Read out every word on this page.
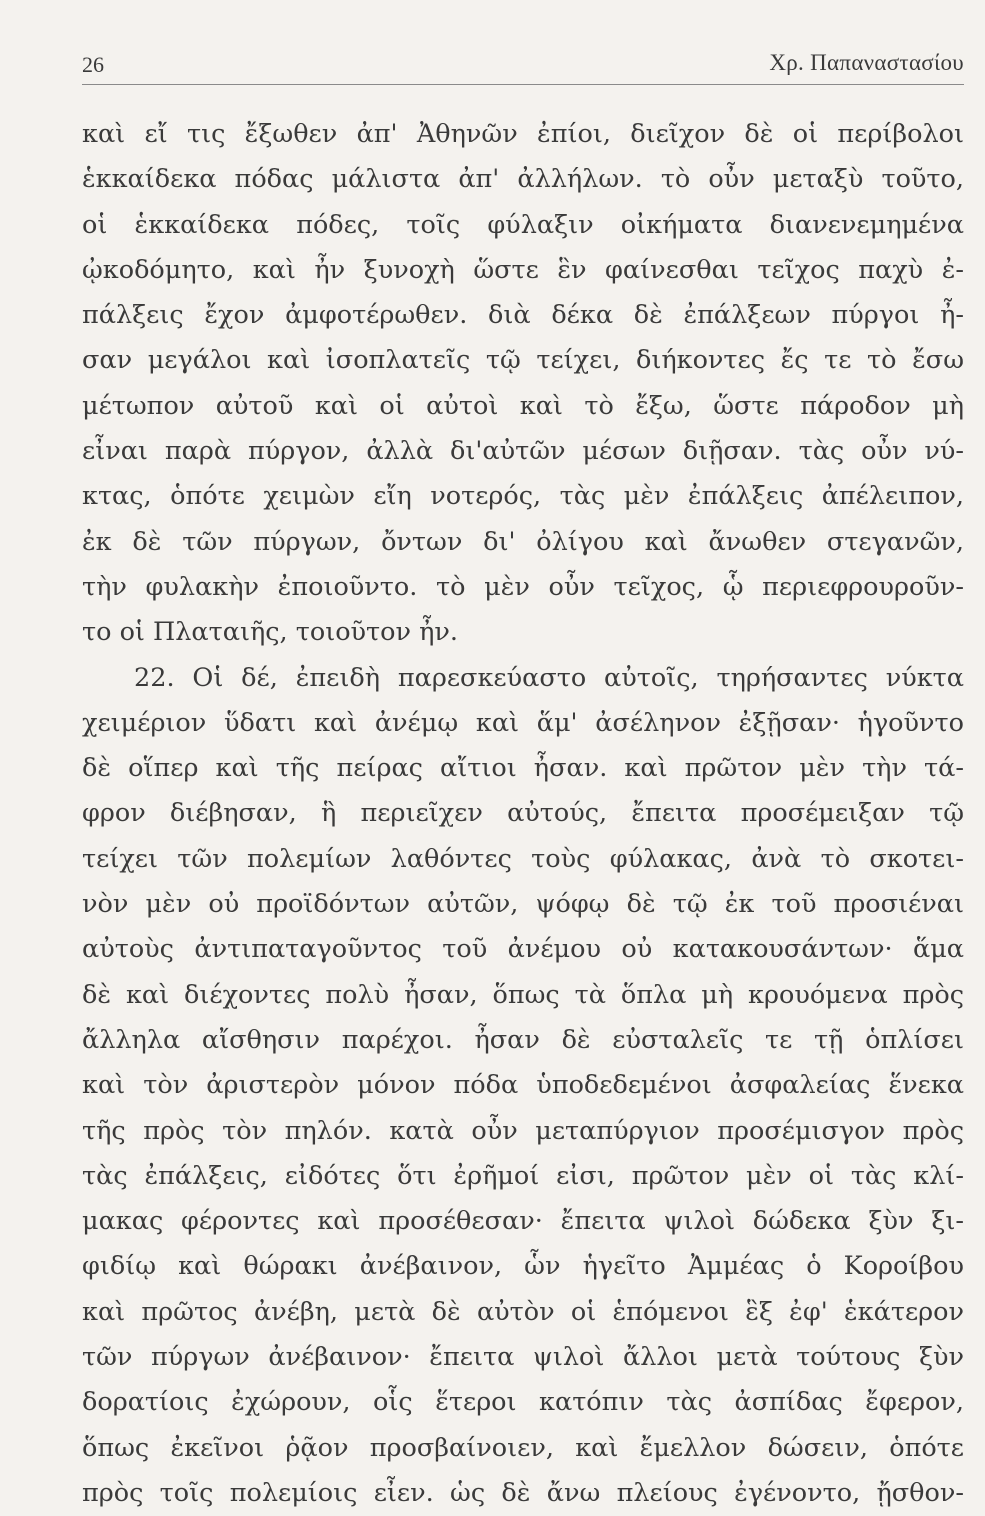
26	Χρ. Παπαναστασίου
καὶ εἴ τις ἔξωθεν ἀπ' Ἀθηνῶν ἐπίοι, διεῖχον δὲ οἱ περίβολοι
ἑκκαίδεκα πόδας μάλιστα ἀπ' ἀλλήλων. τὸ οὖν μεταξὺ τοῦτο,
οἱ ἑκκαίδεκα πόδες, τοῖς φύλαξιν οἰκήματα διανενεμημένα
ᾠκοδόμητο, καὶ ἦν ξυνοχὴ ὥστε ἓν φαίνεσθαι τεῖχος παχὺ ἐ-
πάλξεις ἔχον ἀμφοτέρωθεν. διὰ δέκα δὲ ἐπάλξεων πύργοι ἦ-
σαν μεγάλοι καὶ ἰσοπλατεῖς τῷ τείχει, διήκοντες ἔς τε τὸ ἔσω
μέτωπον αὐτοῦ καὶ οἱ αὐτοὶ καὶ τὸ ἔξω, ὥστε πάροδον μὴ
εἶναι παρὰ πύργον, ἀλλὰ δι'αὐτῶν μέσων διῇσαν. τὰς οὖν νύ-
κτας, ὁπότε χειμὼν εἴη νοτερός, τὰς μὲν ἐπάλξεις ἀπέλειπον,
ἐκ δὲ τῶν πύργων, ὄντων δι' ὀλίγου καὶ ἄνωθεν στεγανῶν,
τὴν φυλακὴν ἐποιοῦντο. τὸ μὲν οὖν τεῖχος, ᾧ περιεφρουροῦν-
το οἱ Πλαταιῆς, τοιοῦτον ἦν.
22. Οἱ δέ, ἐπειδὴ παρεσκεύαστο αὐτοῖς, τηρήσαντες νύκτα
χειμέριον ὕδατι καὶ ἀνέμῳ καὶ ἅμ' ἀσέληνον ἐξῇσαν· ἡγοῦντο
δὲ οἵπερ καὶ τῆς πείρας αἴτιοι ἦσαν. καὶ πρῶτον μὲν τὴν τά-
φρον διέβησαν, ἣ περιεῖχεν αὐτούς, ἔπειτα προσέμειξαν τῷ
τείχει τῶν πολεμίων λαθόντες τοὺς φύλακας, ἀνὰ τὸ σκοτει-
νὸν μὲν οὐ προϊδόντων αὐτῶν, ψόφῳ δὲ τῷ ἐκ τοῦ προσιέναι
αὐτοὺς ἀντιπαταγοῦντος τοῦ ἀνέμου οὐ κατακουσάντων· ἅμα
δὲ καὶ διέχοντες πολὺ ἦσαν, ὅπως τὰ ὅπλα μὴ κρουόμενα πρὸς
ἄλληλα αἴσθησιν παρέχοι. ἦσαν δὲ εὐσταλεῖς τε τῇ ὁπλίσει
καὶ τὸν ἀριστερὸν μόνον πόδα ὑποδεδεμένοι ἀσφαλείας ἕνεκα
τῆς πρὸς τὸν πηλόν. κατὰ οὖν μεταπύργιον προσέμισγον πρὸς
τὰς ἐπάλξεις, εἰδότες ὅτι ἐρῆμοί εἰσι, πρῶτον μὲν οἱ τὰς κλί-
μακας φέροντες καὶ προσέθεσαν· ἔπειτα ψιλοὶ δώδεκα ξὺν ξι-
φιδίῳ καὶ θώρακι ἀνέβαινον, ὧν ἡγεῖτο Ἀμμέας ὁ Κοροίβου
καὶ πρῶτος ἀνέβη, μετὰ δὲ αὐτὸν οἱ ἑπόμενοι ἓξ ἐφ' ἑκάτερον
τῶν πύργων ἀνέβαινον· ἔπειτα ψιλοὶ ἄλλοι μετὰ τούτους ξὺν
δορατίοις ἐχώρουν, οἷς ἕτεροι κατόπιν τὰς ἀσπίδας ἔφερον,
ὅπως ἐκεῖνοι ῥᾷον προσβαίνοιεν, καὶ ἔμελλον δώσειν, ὁπότε
πρὸς τοῖς πολεμίοις εἶεν. ὡς δὲ ἄνω πλείους ἐγένοντο, ᾔσθον-
